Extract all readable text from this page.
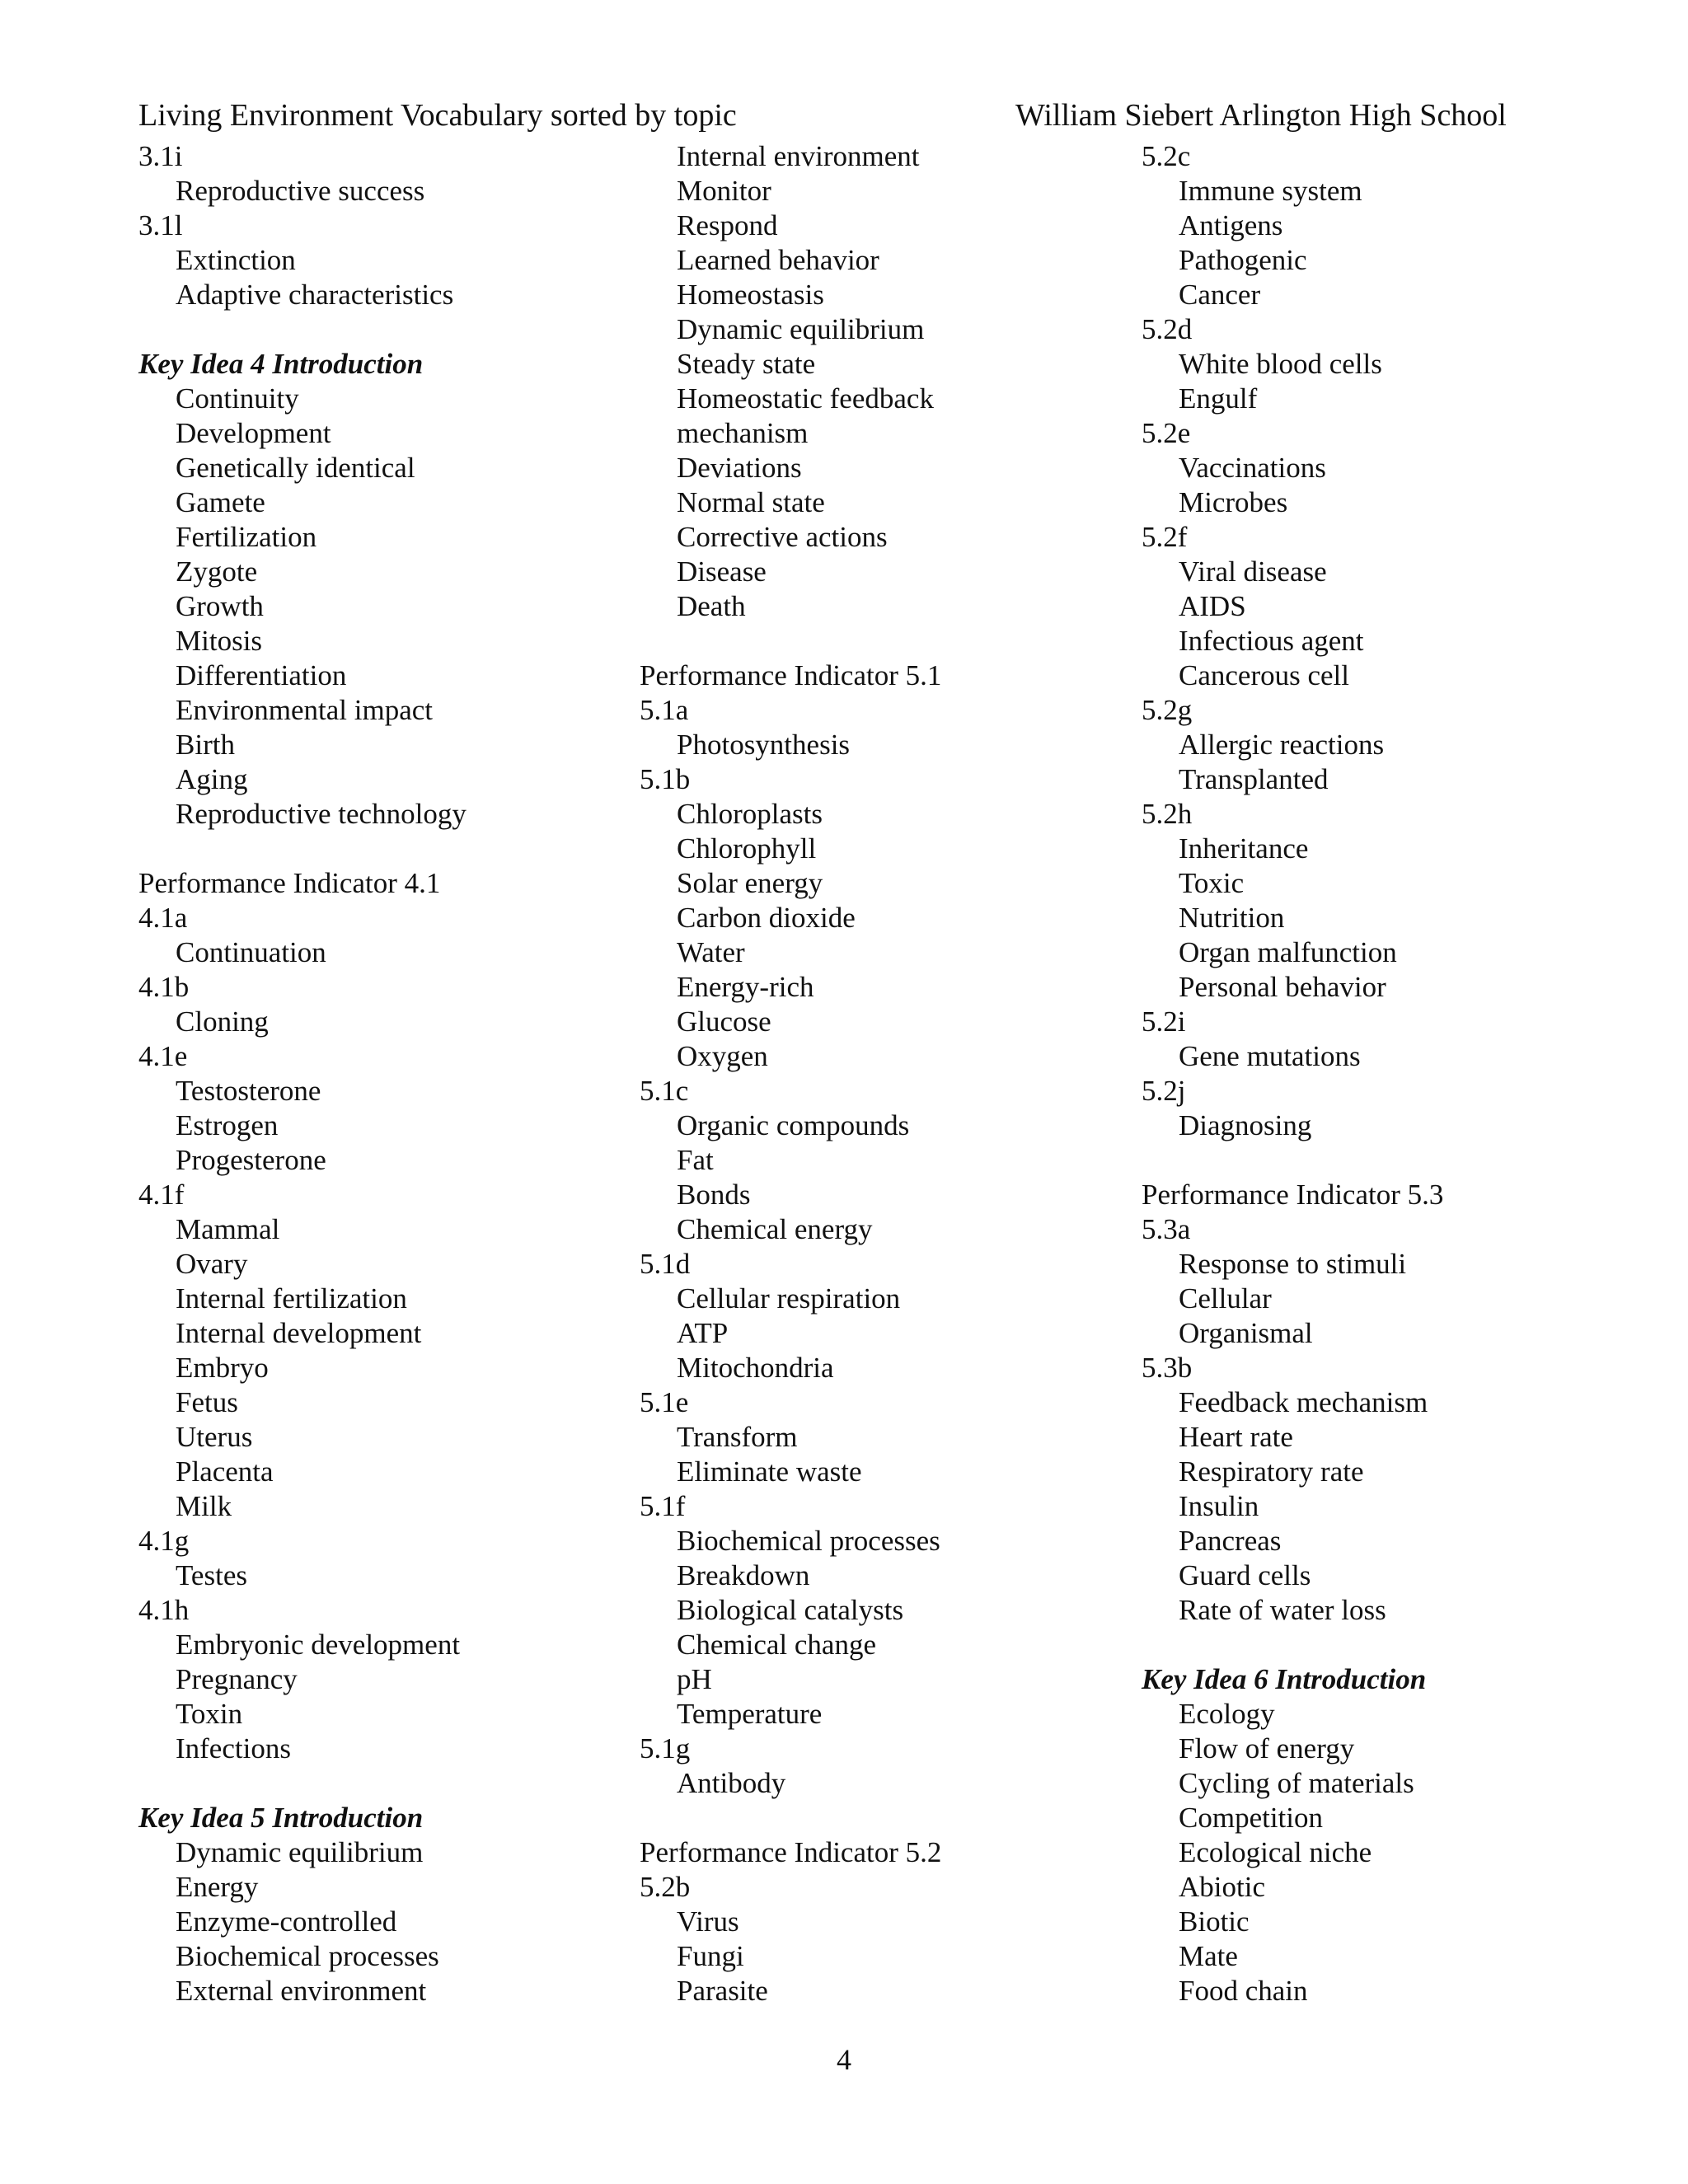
Living Environment Vocabulary sorted by topic	William Siebert Arlington High School
3.1i
Reproductive success
3.1l
Extinction
Adaptive characteristics
Key Idea 4 Introduction
Continuity
Development
Genetically identical
Gamete
Fertilization
Zygote
Growth
Mitosis
Differentiation
Environmental impact
Birth
Aging
Reproductive technology
Performance Indicator 4.1
4.1a
Continuation
4.1b
Cloning
4.1e
Testosterone
Estrogen
Progesterone
4.1f
Mammal
Ovary
Internal fertilization
Internal development
Embryo
Fetus
Uterus
Placenta
Milk
4.1g
Testes
4.1h
Embryonic development
Pregnancy
Toxin
Infections
Key Idea 5 Introduction
Dynamic equilibrium
Energy
Enzyme-controlled
Biochemical processes
External environment
Internal environment
Monitor
Respond
Learned behavior
Homeostasis
Dynamic equilibrium
Steady state
Homeostatic feedback
mechanism
Deviations
Normal state
Corrective actions
Disease
Death
Performance Indicator 5.1
5.1a
Photosynthesis
5.1b
Chloroplasts
Chlorophyll
Solar energy
Carbon dioxide
Water
Energy-rich
Glucose
Oxygen
5.1c
Organic compounds
Fat
Bonds
Chemical energy
5.1d
Cellular respiration
ATP
Mitochondria
5.1e
Transform
Eliminate waste
5.1f
Biochemical processes
Breakdown
Biological catalysts
Chemical change
pH
Temperature
5.1g
Antibody
Performance Indicator 5.2
5.2b
Virus
Fungi
Parasite
5.2c
Immune system
Antigens
Pathogenic
Cancer
5.2d
White blood cells
Engulf
5.2e
Vaccinations
Microbes
5.2f
Viral disease
AIDS
Infectious agent
Cancerous cell
5.2g
Allergic reactions
Transplanted
5.2h
Inheritance
Toxic
Nutrition
Organ malfunction
Personal behavior
5.2i
Gene mutations
5.2j
Diagnosing
Performance Indicator 5.3
5.3a
Response to stimuli
Cellular
Organismal
5.3b
Feedback mechanism
Heart rate
Respiratory rate
Insulin
Pancreas
Guard cells
Rate of water loss
Key Idea 6 Introduction
Ecology
Flow of energy
Cycling of materials
Competition
Ecological niche
Abiotic
Biotic
Mate
Food chain
4
